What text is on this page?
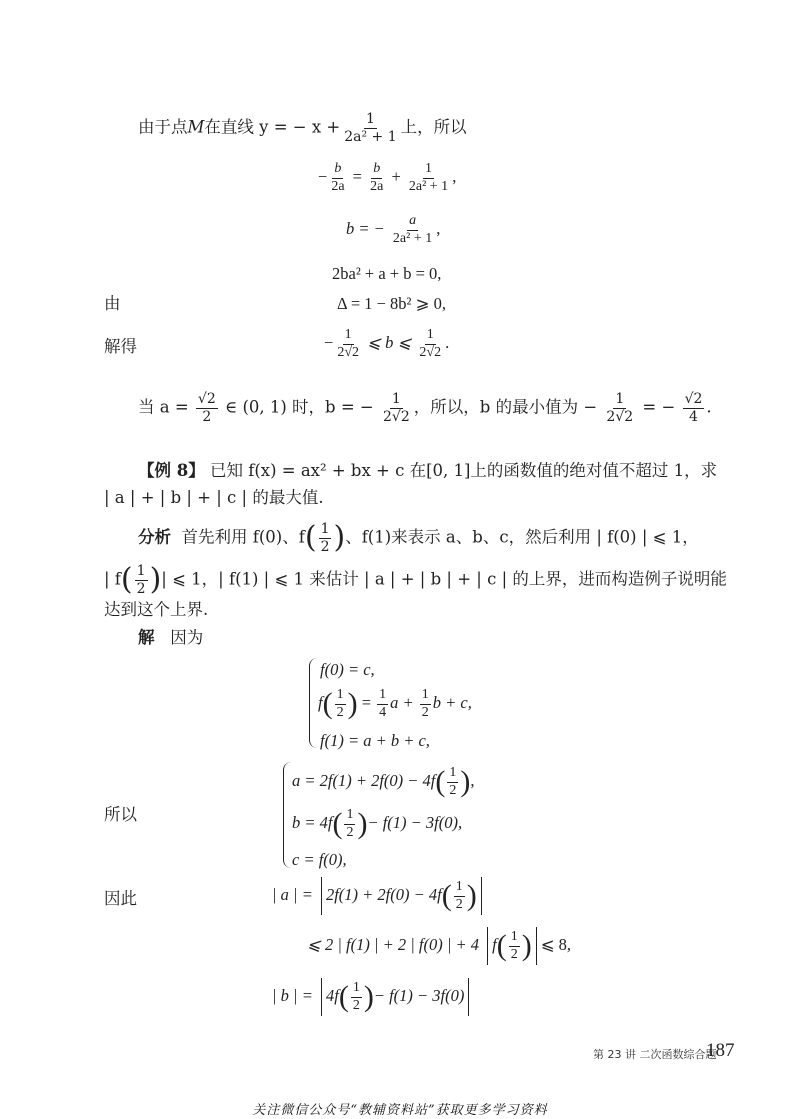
由于点M在直线 y = − $x + \frac{1}{\text{2a² + 1}}$ 上，所以
− $\frac{b}{2a} = \frac{b}{2a} + \frac{1}{\text{2a² + 1}}$ ,
b = − $\frac{a}{\text{2a² + 1}}$ ,
2ba² + a + b = 0,
由	Δ = 1 − 8b² ⩾ 0,
解得	− $\frac{1}{2√2}$ ⩽ b ⩽ $\frac{1}{2√2}$ .
当 $a = \frac{√2}{2}$ ∈ (0, 1) 时，b = − $\frac{1}{2√2}$ ，所以，b 的最小值为 − $\frac{1}{2√2}$ = − $\frac{√2}{4}$ .
【例 8】 已知 f(x) = ax² + bx + c 在[0, 1]上的函数值的绝对值不超过 1，求
| a | + | b | + | c | 的最大值.
分析 首先利用 f(0)、$f( \frac{1}{2}$ )、f(1)来表示 a、b、c，然后利用 | f(0) | ⩽ 1，
| $f( \frac{1}{2}$ )| ⩽ 1，| f(1) | ⩽ 1 来估计 | a | + | b | + | c | 的上界，进而构造例子说明能
达到这个上界.
解 因为
f(0) = c,
$f( \frac{1}{2}$ ) = $\frac{1}{4}$ $a + \frac{1}{2}$ b + c,
f(1) = a + b + c,
所以
$a = 2f(1) + 2f(0) - 4f( \frac{1}{2}$ ),
$b = 4f( \frac{1}{2}$ )− f(1) − 3f(0),
c = f(0),
因此	| a | = $2f(1) + 2f(0) - 4f( \frac{1}{2}$ )
⩽ 2 | f(1) | + 2 | f(0) | + 4 $f( \frac{1}{2}$ ) ⩽ 8,
| b | = $4f( \frac{1}{2}$ )− f(1) − 3f(0)
第 23 讲 二次函数综合题
187
关注微信公众号“教辅资料站”获取更多学习资料
